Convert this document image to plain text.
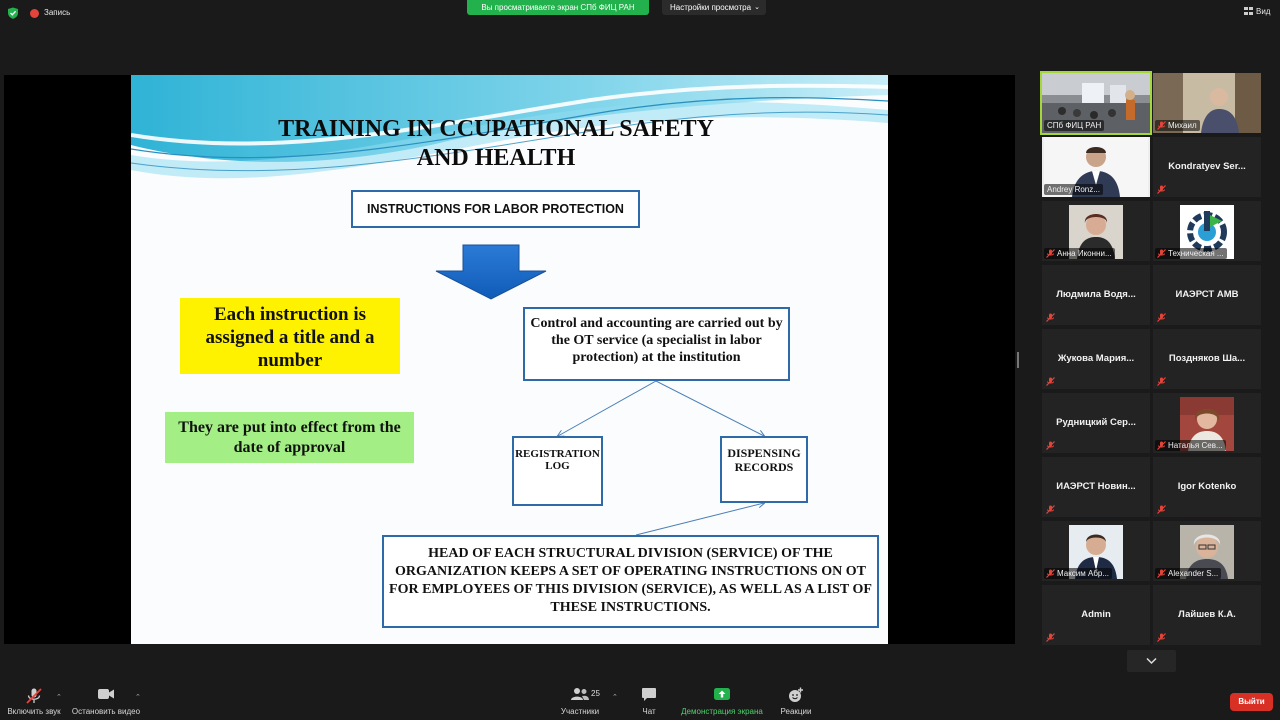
Запись
Вы просматриваете экран СПб ФИЦ РАН	Настройки просмотра ⌄	Вид
TRAINING IN CCUPATIONAL SAFETY
AND HEALTH
INSTRUCTIONS FOR LABOR PROTECTION
Each instruction is assigned a title and a number
They are put into effect from the date of approval
Control and accounting are carried out by the OT service (a specialist in labor protection) at the institution
REGISTRATION LOG
DISPENSING RECORDS
HEAD OF EACH STRUCTURAL DIVISION (SERVICE) OF THE ORGANIZATION KEEPS A SET OF OPERATING INSTRUCTIONS ON OT FOR EMPLOYEES OF THIS DIVISION (SERVICE), AS WELL AS A LIST OF THESE INSTRUCTIONS.
СПб ФИЦ РАН	Михаил
Andrey Ronz...
Kondratyev Ser...
Анна Иконни...	Техническая ...
Людмила Водя...	ИАЭРСТ АМВ
Жукова Мария...	Поздняков Ша...
Рудницкий Сер...
Наталья Сев...
ИАЭРСТ Новин...	Igor Kotenko
Максим Абр...	Alexander S...
Admin	Лайшев К.А.
Включить звук
⌃
Остановить видео
⌃
Участники
⌃
Чат	Демонстрация экрана	Реакции
25
Выйти
